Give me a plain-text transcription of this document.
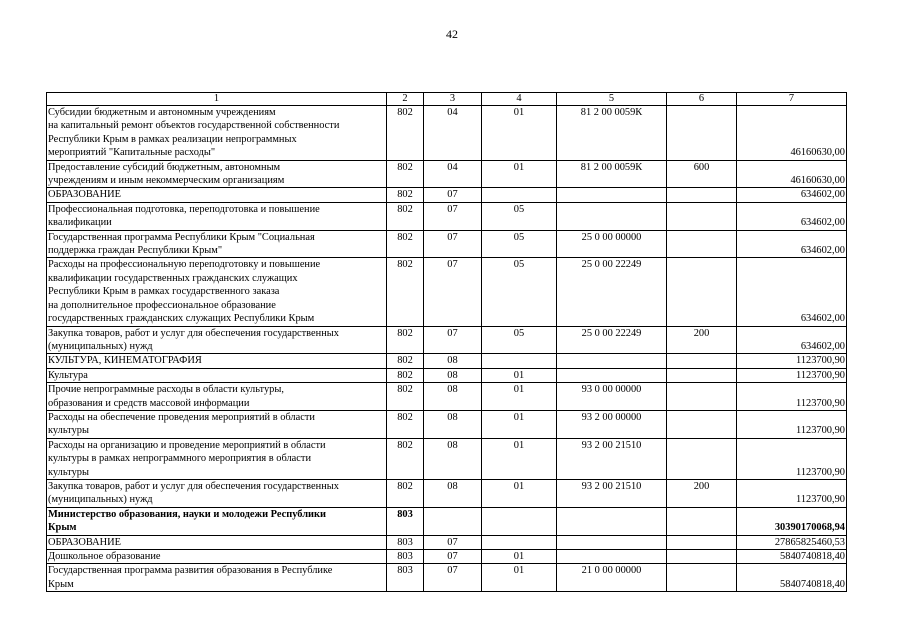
42
1	2	3	4	5	6	7

Субсидии бюджетным и автономным учреждениям
на капитальный ремонт объектов государственной собственности
Республики Крым в рамках реализации непрограммных
мероприятий "Капитальные расходы"	802	04	01	81 2 00 0059К		46160630,00

Предоставление субсидий бюджетным, автономным
учреждениям и иным некоммерческим организациям	802	04	01	81 2 00 0059К	600	46160630,00

ОБРАЗОВАНИЕ	802	07				634602,00

Профессиональная подготовка, переподготовка и повышение
квалификации	802	07	05			634602,00

Государственная программа Республики Крым "Социальная
поддержка граждан Республики Крым"	802	07	05	25 0 00 00000		634602,00

Расходы на профессиональную переподготовку и повышение
квалификации государственных гражданских служащих
Республики Крым в рамках государственного заказа
на дополнительное профессиональное образование
государственных гражданских служащих Республики Крым	802	07	05	25 0 00 22249		634602,00

Закупка товаров, работ и услуг для обеспечения государственных
(муниципальных) нужд	802	07	05	25 0 00 22249	200	634602,00

КУЛЬТУРА, КИНЕМАТОГРАФИЯ	802	08				1123700,90

Культура	802	08	01			1123700,90

Прочие непрограммные расходы в области культуры,
образования и средств массовой информации	802	08	01	93 0 00 00000		1123700,90

Расходы на обеспечение проведения мероприятий в области
культуры	802	08	01	93 2 00 00000		1123700,90

Расходы на организацию и проведение мероприятий в области
культуры в рамках непрограммного мероприятия в области
культуры	802	08	01	93 2 00 21510		1123700,90

Закупка товаров, работ и услуг для обеспечения государственных
(муниципальных) нужд	802	08	01	93 2 00 21510	200	1123700,90

Министерство образования, науки и молодежи Республики
Крым	803					30390170068,94

ОБРАЗОВАНИЕ	803	07				27865825460,53

Дошкольное образование	803	07	01			5840740818,40

Государственная программа развития образования в Республике
Крым	803	07	01	21 0 00 00000		5840740818,40
